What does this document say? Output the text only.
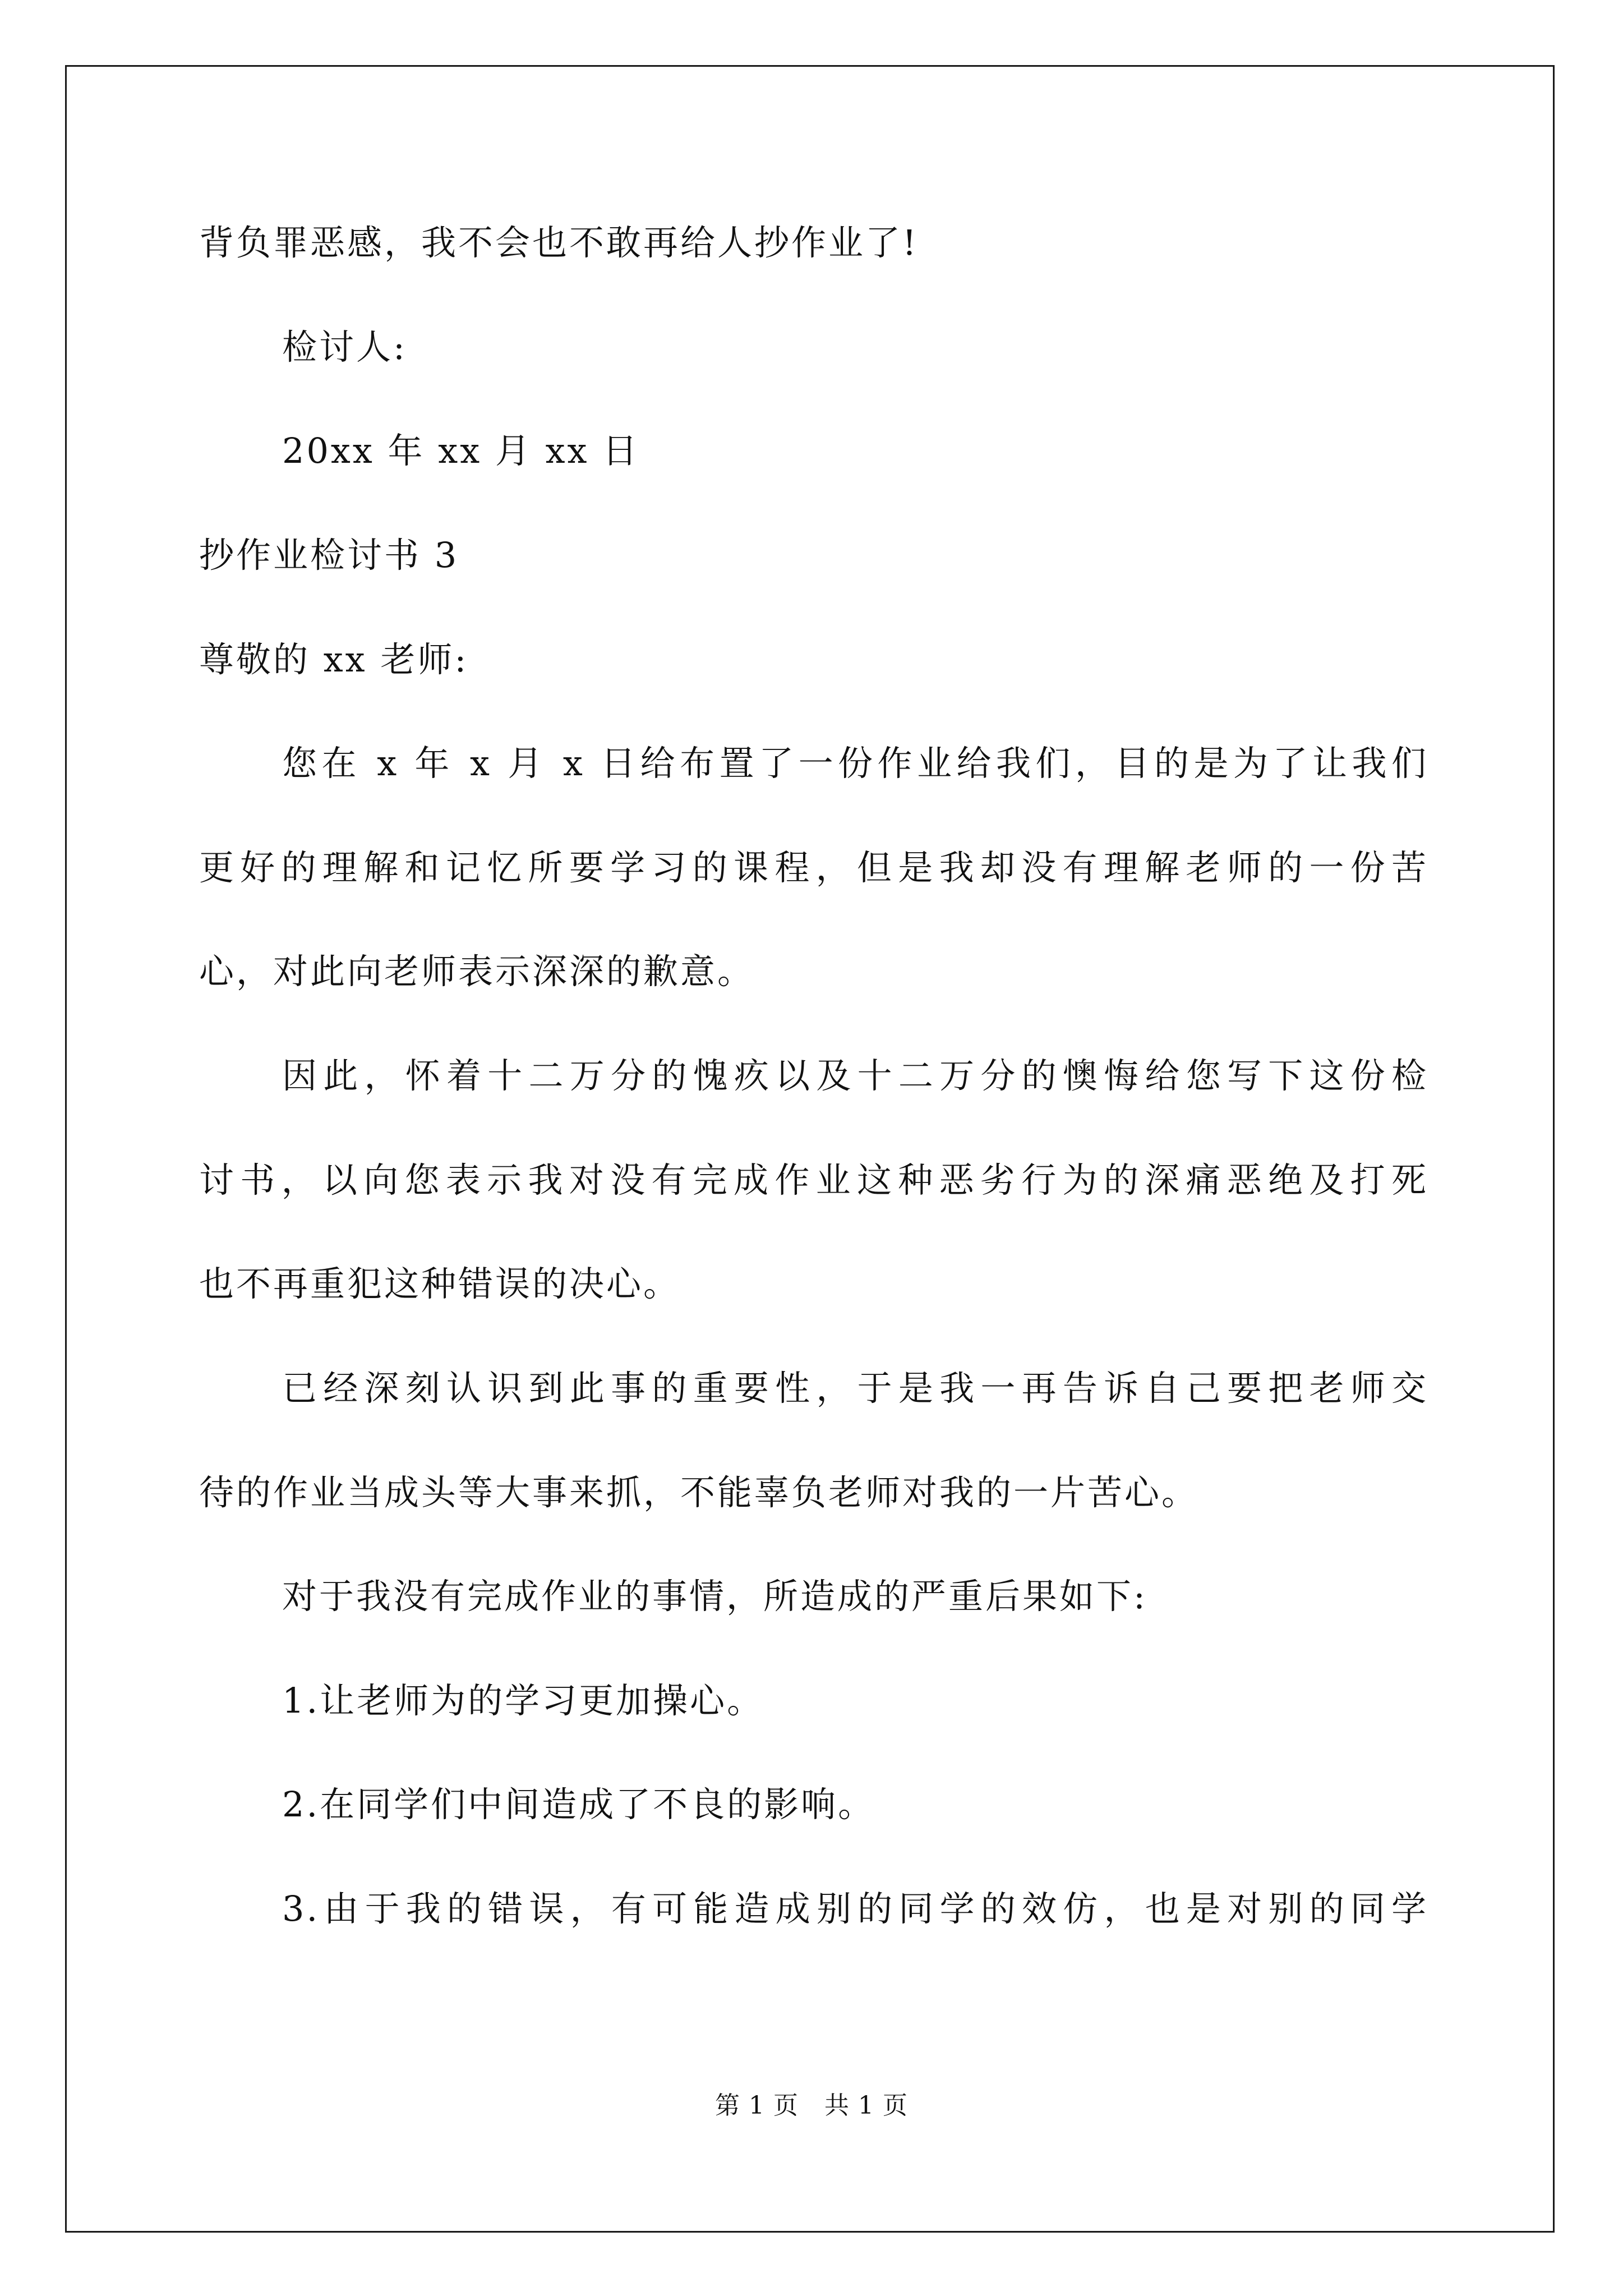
背负罪恶感，我不会也不敢再给人抄作业了!
检讨人:
20xx 年 xx 月 xx 日
抄作业检讨书 3
尊敬的 xx 老师:
您在 x 年 x 月 x 日给布置了一份作业给我们，目的是为了让我们
更好的理解和记忆所要学习的课程，但是我却没有理解老师的一份苦
心，对此向老师表示深深的歉意。
因此，怀着十二万分的愧疚以及十二万分的懊悔给您写下这份检
讨书，以向您表示我对没有完成作业这种恶劣行为的深痛恶绝及打死
也不再重犯这种错误的决心。
已经深刻认识到此事的重要性，于是我一再告诉自己要把老师交
待的作业当成头等大事来抓，不能辜负老师对我的一片苦心。
对于我没有完成作业的事情，所造成的严重后果如下:
1.让老师为的学习更加操心。
2.在同学们中间造成了不良的影响。
3.由于我的错误，有可能造成别的同学的效仿，也是对别的同学
第 1 页 共 1 页
